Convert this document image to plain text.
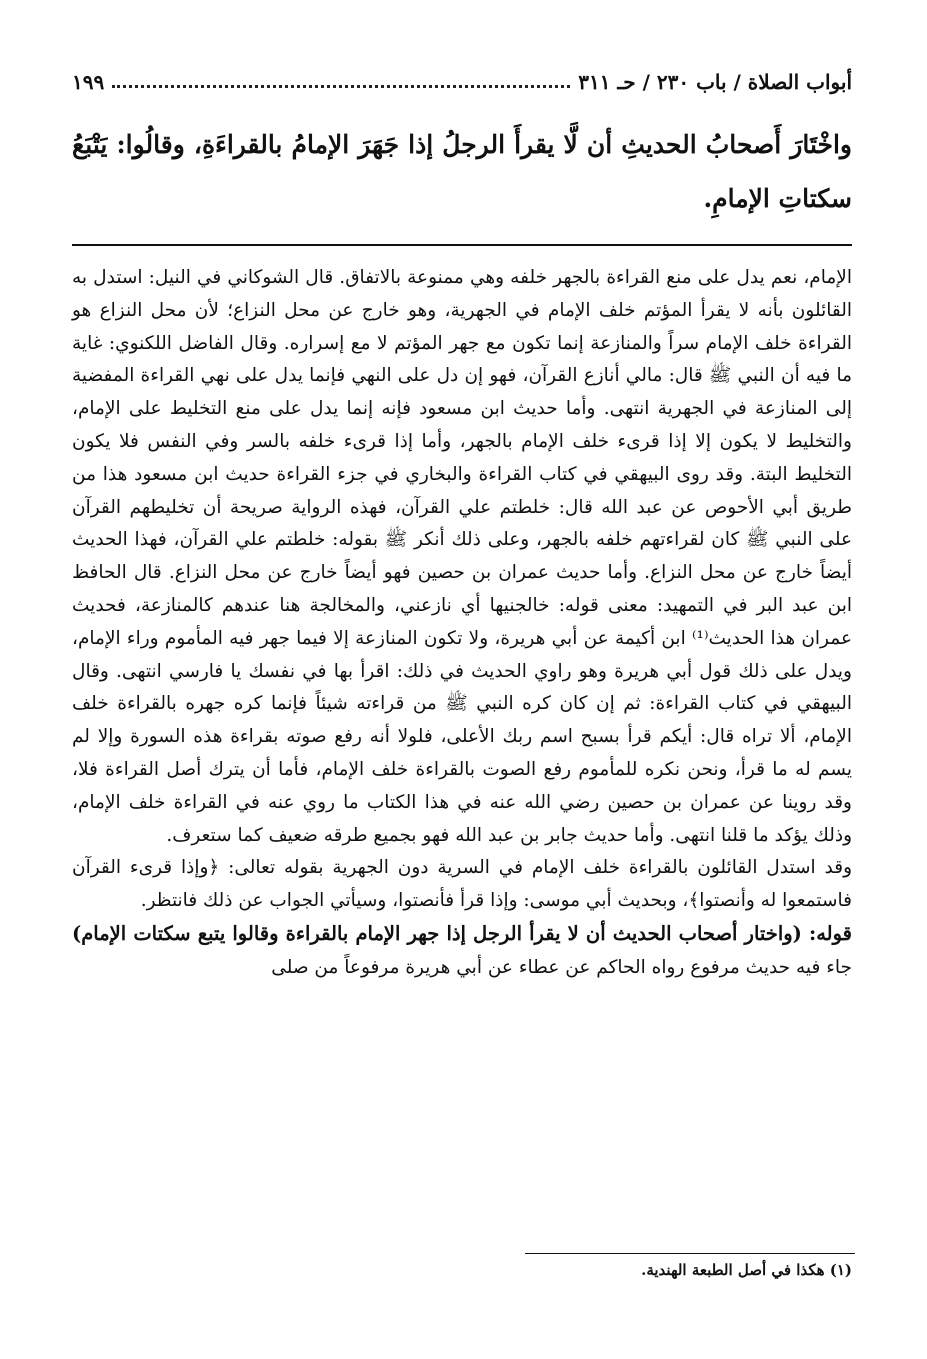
أبواب الصلاة / باب ٢٣٠ / حـ ٣١١
١٩٩
واخْتَارَ أَصحابُ الحديثِ أن لَّا يقرأَ الرجلُ إذا جَهَرَ الإمامُ بالقراءَةِ، وقالُوا: يَتْبَعُ سكتاتِ الإمامِ.

الإمام، نعم يدل على منع القراءة بالجهر خلفه وهي ممنوعة بالاتفاق. قال الشوكاني في النيل: استدل به القائلون بأنه لا يقرأ المؤتم خلف الإمام في الجهرية، وهو خارج عن محل النزاع؛ لأن محل النزاع هو القراءة خلف الإمام سراً والمنازعة إنما تكون مع جهر المؤتم لا مع إسراره. وقال الفاضل اللكنوي: غاية ما فيه أن النبي ﷺ قال: مالي أنازع القرآن، فهو إن دل على النهي فإنما يدل على نهي القراءة المفضية إلى المنازعة في الجهرية انتهى. وأما حديث ابن مسعود فإنه إنما يدل على منع التخليط على الإمام، والتخليط لا يكون إلا إذا قرىء خلف الإمام بالجهر، وأما إذا قرىء خلفه بالسر وفي النفس فلا يكون التخليط البتة. وقد روى البيهقي في كتاب القراءة والبخاري في جزء القراءة حديث ابن مسعود هذا من طريق أبي الأحوص عن عبد الله قال: خلطتم علي القرآن، فهذه الرواية صريحة أن تخليطهم القرآن على النبي ﷺ كان لقراءتهم خلفه بالجهر، وعلى ذلك أنكر ﷺ بقوله: خلطتم علي القرآن، فهذا الحديث أيضاً خارج عن محل النزاع. وأما حديث عمران بن حصين فهو أيضاً خارج عن محل النزاع. قال الحافظ ابن عبد البر في التمهيد: معنى قوله: خالجنيها أي نازعني، والمخالجة هنا عندهم كالمنازعة، فحديث عمران هذا الحديث⁽¹⁾ ابن أكيمة عن أبي هريرة، ولا تكون المنازعة إلا فيما جهر فيه المأموم وراء الإمام، ويدل على ذلك قول أبي هريرة وهو راوي الحديث في ذلك: اقرأ بها في نفسك يا فارسي انتهى. وقال البيهقي في كتاب القراءة: ثم إن كان كره النبي ﷺ من قراءته شيئاً فإنما كره جهره بالقراءة خلف الإمام، ألا تراه قال: أيكم قرأ بسبح اسم ربك الأعلى، فلولا أنه رفع صوته بقراءة هذه السورة وإلا لم يسم له ما قرأ، ونحن نكره للمأموم رفع الصوت بالقراءة خلف الإمام، فأما أن يترك أصل القراءة فلا، وقد روينا عن عمران بن حصين رضي الله عنه في هذا الكتاب ما روي عنه في القراءة خلف الإمام، وذلك يؤكد ما قلنا انتهى. وأما حديث جابر بن عبد الله فهو بجميع طرقه ضعيف كما ستعرف.

وقد استدل القائلون بالقراءة خلف الإمام في السرية دون الجهرية بقوله تعالى: ﴿وإذا قرىء القرآن فاستمعوا له وأنصتوا﴾، وبحديث أبي موسى: وإذا قرأ فأنصتوا، وسيأتي الجواب عن ذلك فانتظر.

قوله: (واختار أصحاب الحديث أن لا يقرأ الرجل إذا جهر الإمام بالقراءة وقالوا يتبع سكتات الإمام) جاء فيه حديث مرفوع رواه الحاكم عن عطاء عن أبي هريرة مرفوعاً من صلى

(١) هكذا في أصل الطبعة الهندية.
